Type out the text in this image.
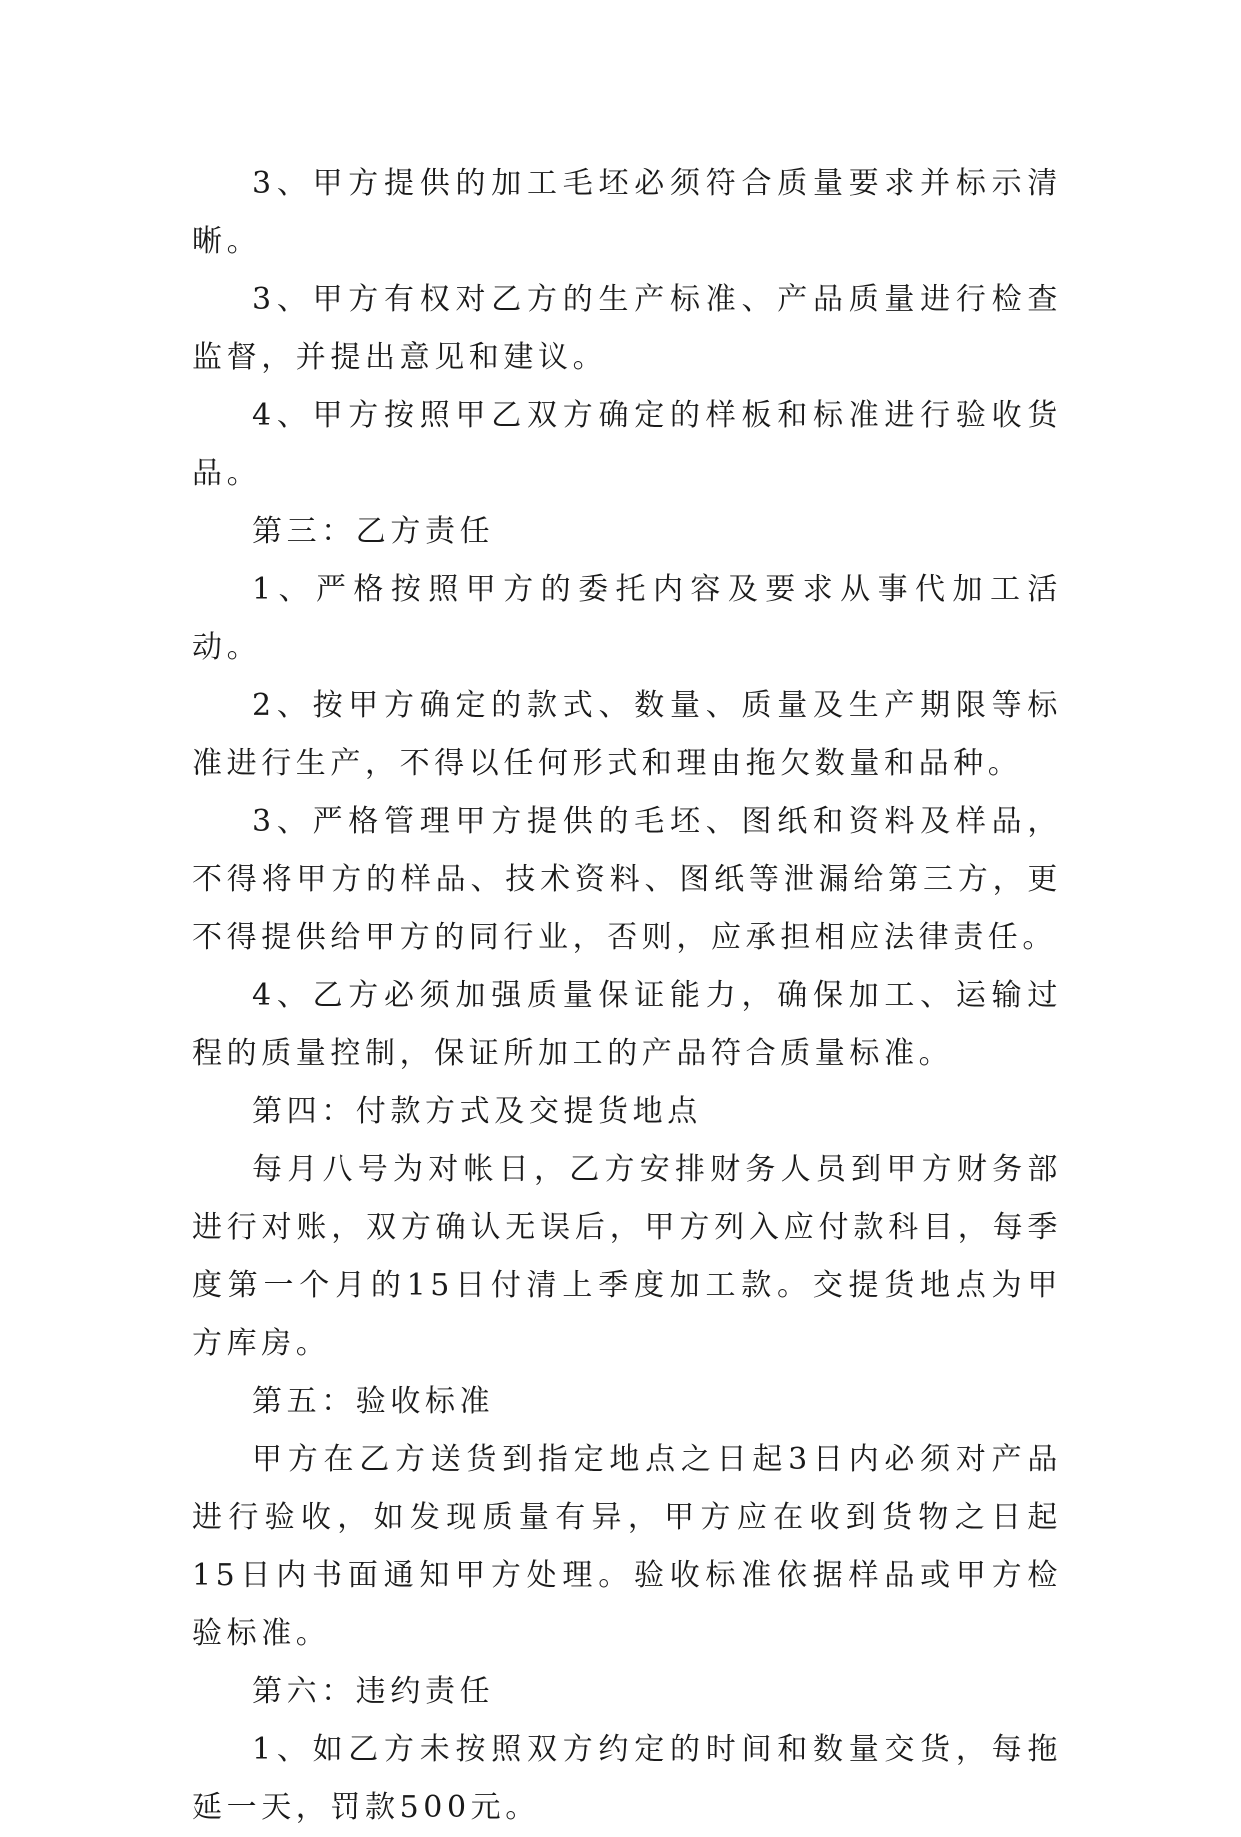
3、甲方提供的加工毛坯必须符合质量要求并标示清晰。

3、甲方有权对乙方的生产标准、产品质量进行检查监督，并提出意见和建议。

4、甲方按照甲乙双方确定的样板和标准进行验收货品。

第三：乙方责任

1、严格按照甲方的委托内容及要求从事代加工活动。

2、按甲方确定的款式、数量、质量及生产期限等标准进行生产，不得以任何形式和理由拖欠数量和品种。

3、严格管理甲方提供的毛坯、图纸和资料及样品，不得将甲方的样品、技术资料、图纸等泄漏给第三方，更不得提供给甲方的同行业，否则，应承担相应法律责任。

4、乙方必须加强质量保证能力，确保加工、运输过程的质量控制，保证所加工的产品符合质量标准。

第四：付款方式及交提货地点

每月八号为对帐日，乙方安排财务人员到甲方财务部进行对账，双方确认无误后，甲方列入应付款科目，每季度第一个月的15日付清上季度加工款。交提货地点为甲方库房。

第五：验收标准

甲方在乙方送货到指定地点之日起3日内必须对产品进行验收，如发现质量有异，甲方应在收到货物之日起15日内书面通知甲方处理。验收标准依据样品或甲方检验标准。

第六：违约责任

1、如乙方未按照双方约定的时间和数量交货，每拖延一天，罚款500元。
